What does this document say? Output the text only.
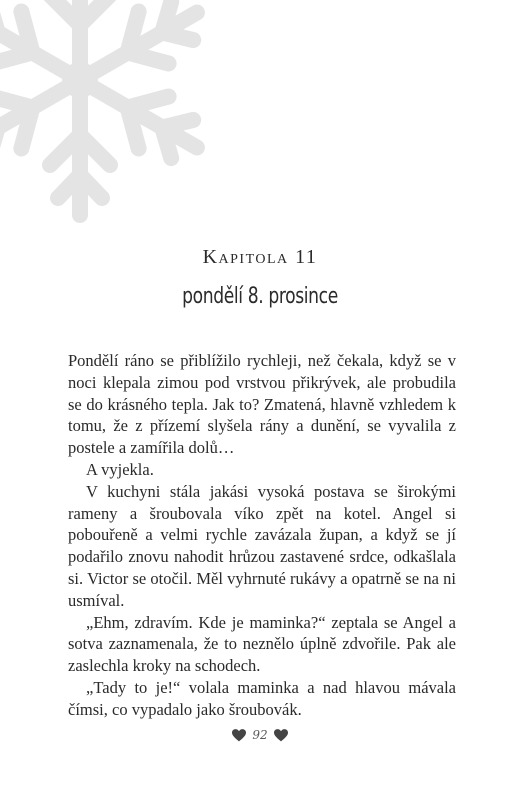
Kapitola 11
pondělí 8. prosince

Pondělí ráno se přiblížilo rychleji, než čekala, když se v noci klepala zimou pod vrstvou přikrývek, ale probudila se do krásného tepla. Jak to? Zmatená, hlavně vzhledem k tomu, že z přízemí slyšela rány a dunění, se vyvalila z postele a zamířila dolů…

A vyjekla.

V kuchyni stála jakási vysoká postava se širokými rameny a šroubovala víko zpět na kotel. Angel si pobouřeně a velmi rychle zavázala župan, a když se jí podařilo znovu nahodit hrůzou zastavené srdce, odkašlala si. Victor se otočil. Měl vyhrnuté rukávy a opatrně se na ni usmíval.

„Ehm, zdravím. Kde je maminka?“ zeptala se Angel a sotva zaznamenala, že to neznělo úplně zdvořile. Pak ale zaslechla kroky na schodech.

„Tady to je!“ volala maminka a nad hlavou mávala čímsi, co vypadalo jako šroubovák.

92
